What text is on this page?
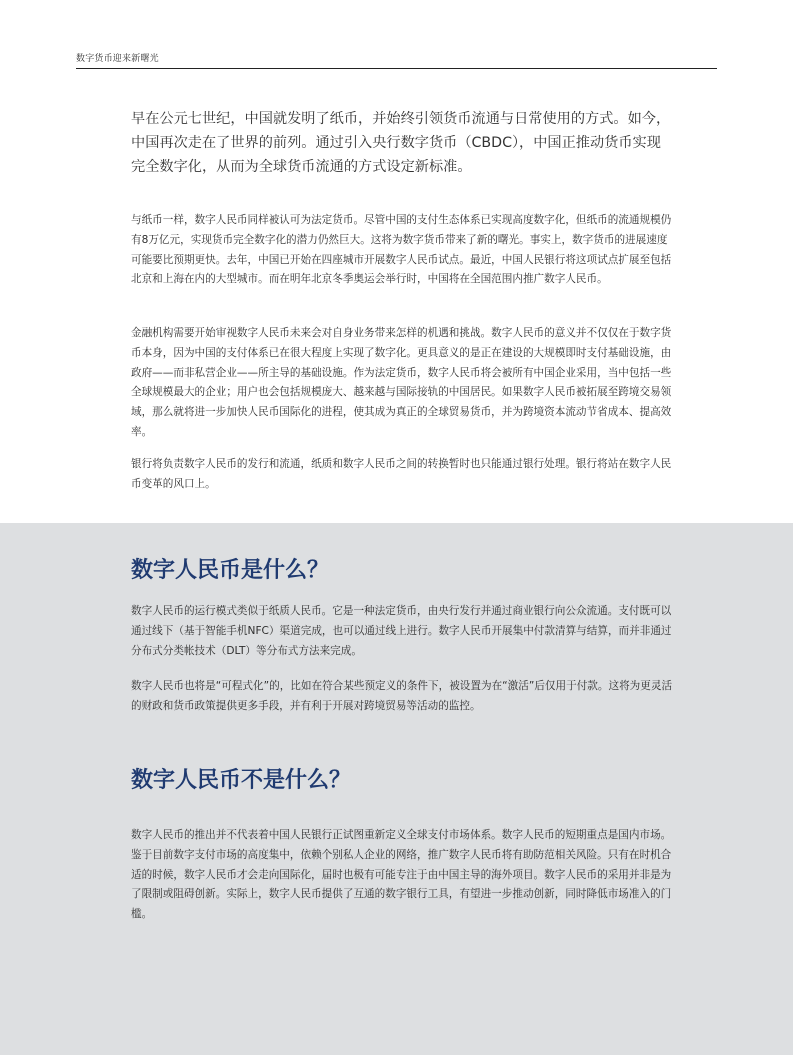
数字货币迎来新曙光

早在公元七世纪，中国就发明了纸币，并始终引领货币流通与日常使用的方式。如今，中国再次走在了世界的前列。通过引入央行数字货币（CBDC），中国正推动货币实现完全数字化，从而为全球货币流通的方式设定新标准。

与纸币一样，数字人民币同样被认可为法定货币。尽管中国的支付生态体系已实现高度数字化，但纸币的流通规模仍有8万亿元，实现货币完全数字化的潜力仍然巨大。这将为数字货币带来了新的曙光。事实上，数字货币的进展速度可能要比预期更快。去年，中国已开始在四座城市开展数字人民币试点。最近，中国人民银行将这项试点扩展至包括北京和上海在内的大型城市。而在明年北京冬季奥运会举行时，中国将在全国范围内推广数字人民币。

金融机构需要开始审视数字人民币未来会对自身业务带来怎样的机遇和挑战。数字人民币的意义并不仅仅在于数字货币本身，因为中国的支付体系已在很大程度上实现了数字化。更具意义的是正在建设的大规模即时支付基础设施，由政府——而非私营企业——所主导的基础设施。作为法定货币，数字人民币将会被所有中国企业采用，当中包括一些全球规模最大的企业；用户也会包括规模庞大、越来越与国际接轨的中国居民。如果数字人民币被拓展至跨境交易领域，那么就将进一步加快人民币国际化的进程，使其成为真正的全球贸易货币，并为跨境资本流动节省成本、提高效率。

银行将负责数字人民币的发行和流通，纸质和数字人民币之间的转换暂时也只能通过银行处理。银行将站在数字人民币变革的风口上。

数字人民币是什么？

数字人民币的运行模式类似于纸质人民币。它是一种法定货币，由央行发行并通过商业银行向公众流通。支付既可以通过线下（基于智能手机NFC）渠道完成，也可以通过线上进行。数字人民币开展集中付款清算与结算，而并非通过分布式分类帐技术（DLT）等分布式方法来完成。

数字人民币也将是“可程式化”的，比如在符合某些预定义的条件下，被设置为在“激活”后仅用于付款。这将为更灵活的财政和货币政策提供更多手段，并有利于开展对跨境贸易等活动的监控。

数字人民币不是什么？

数字人民币的推出并不代表着中国人民银行正试图重新定义全球支付市场体系。数字人民币的短期重点是国内市场。鉴于目前数字支付市场的高度集中，依赖个别私人企业的网络，推广数字人民币将有助防范相关风险。只有在时机合适的时候，数字人民币才会走向国际化，届时也极有可能专注于由中国主导的海外项目。数字人民币的采用并非是为了限制或阻碍创新。实际上，数字人民币提供了互通的数字银行工具，有望进一步推动创新，同时降低市场准入的门槛。
